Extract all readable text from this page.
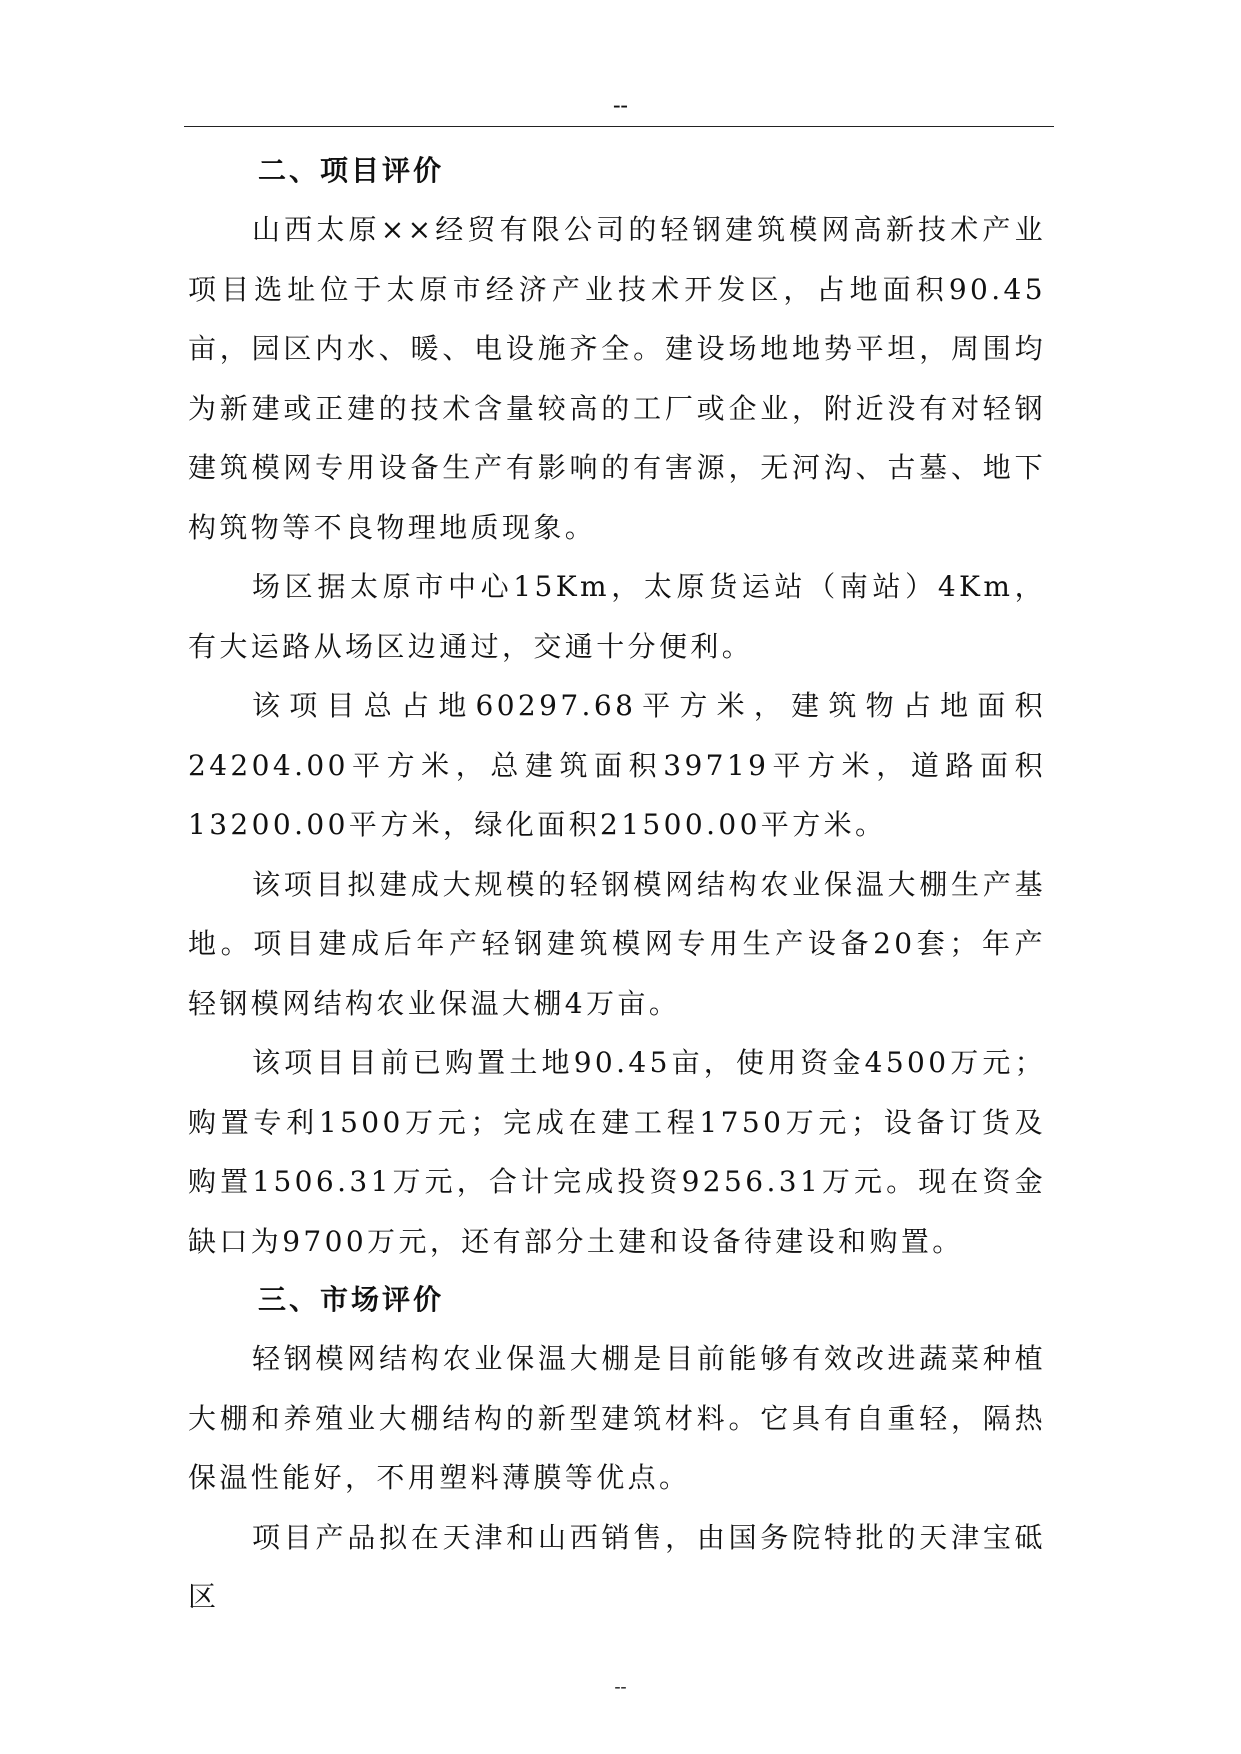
--
二、项目评价

山西太原××经贸有限公司的轻钢建筑模网高新技术产业项目选址位于太原市经济产业技术开发区，占地面积90.45亩，园区内水、暖、电设施齐全。建设场地地势平坦，周围均为新建或正建的技术含量较高的工厂或企业，附近没有对轻钢建筑模网专用设备生产有影响的有害源，无河沟、古墓、地下构筑物等不良物理地质现象。

场区据太原市中心15Km，太原货运站（南站）4Km，有大运路从场区边通过，交通十分便利。

该项目总占地60297.68平方米，建筑物占地面积24204.00平方米，总建筑面积39719平方米，道路面积13200.00平方米，绿化面积21500.00平方米。

该项目拟建成大规模的轻钢模网结构农业保温大棚生产基地。项目建成后年产轻钢建筑模网专用生产设备20套；年产轻钢模网结构农业保温大棚4万亩。

该项目目前已购置土地90.45亩，使用资金4500万元；购置专利1500万元；完成在建工程1750万元；设备订货及购置1506.31万元，合计完成投资9256.31万元。现在资金缺口为9700万元，还有部分土建和设备待建设和购置。

三、市场评价

轻钢模网结构农业保温大棚是目前能够有效改进蔬菜种植大棚和养殖业大棚结构的新型建筑材料。它具有自重轻，隔热保温性能好，不用塑料薄膜等优点。

项目产品拟在天津和山西销售，由国务院特批的天津宝砥区

--
